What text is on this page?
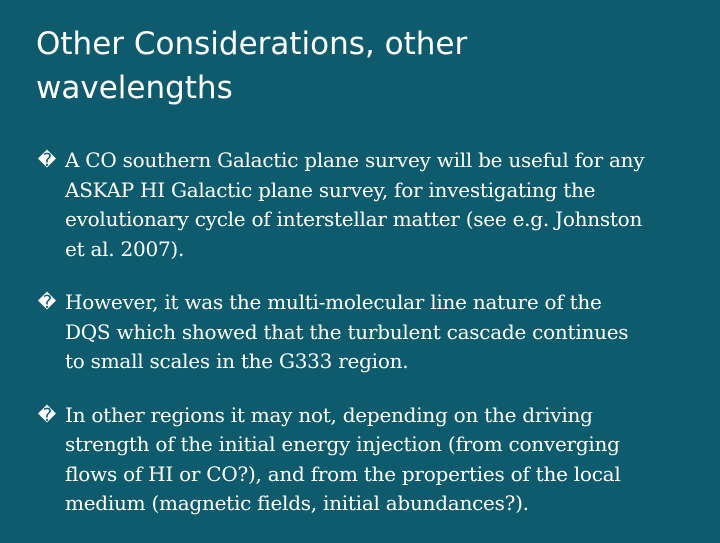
Other Considerations, other
wavelengths
� A CO southern Galactic plane survey will be useful for any
ASKAP HI Galactic plane survey, for investigating the
evolutionary cycle of interstellar matter (see e.g. Johnston
et al. 2007).
� However, it was the multi-molecular line nature of the
DQS which showed that the turbulent cascade continues
to small scales in the G333 region.
� In other regions it may not, depending on the driving
strength of the initial energy injection (from converging
flows of HI or CO?), and from the properties of the local
medium (magnetic fields, initial abundances?).
